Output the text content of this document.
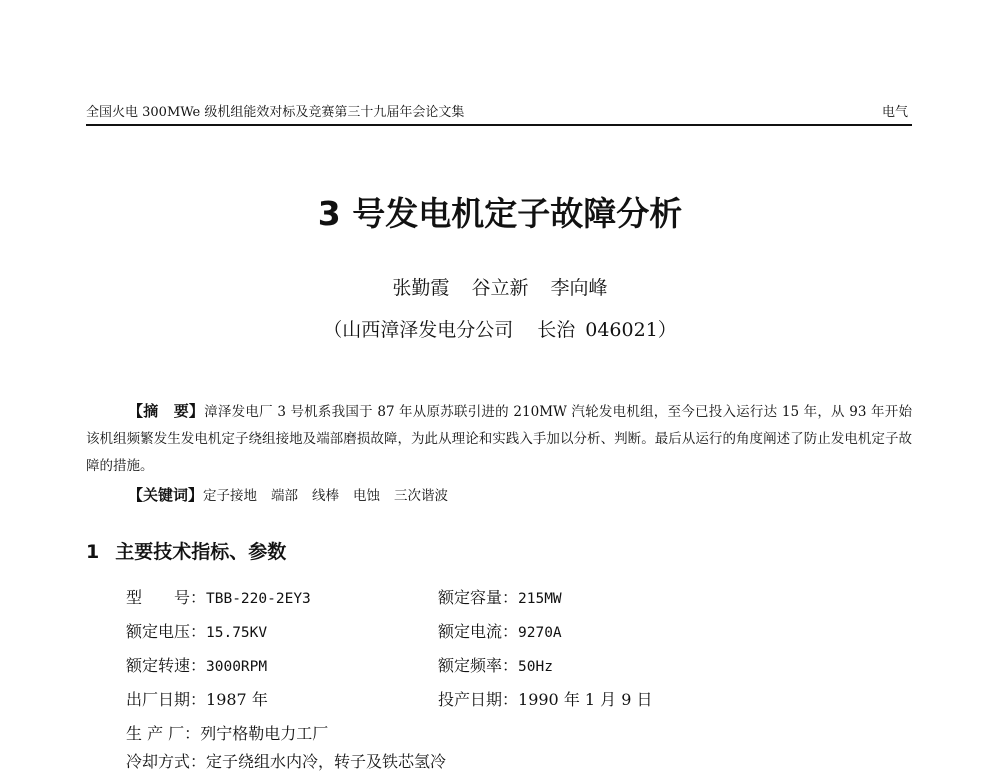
全国火电 300MWe 级机组能效对标及竞赛第三十九届年会论文集	电气
3 号发电机定子故障分析
张勤霞 谷立新 李向峰
（山西漳泽发电分公司 长治 046021）
【摘　要】漳泽发电厂 3 号机系我国于 87 年从原苏联引进的 210MW 汽轮发电机组，至今已投入运行达 15 年，从 93 年开始该机组频繁发生发电机定子绕组接地及端部磨损故障，为此从理论和实践入手加以分析、判断。最后从运行的角度阐述了防止发电机定子故障的措施。
【关键词】定子接地 端部 线棒 电蚀 三次谐波
1 主要技术指标、参数
型　　号：TBB-220-2EY3	额定容量：215MW
额定电压：15.75KV	额定电流：9270A
额定转速：3000RPM	额定频率：50Hz
出厂日期：1987 年	投产日期：1990 年 1 月 9 日
生 产 厂：列宁格勒电力工厂
冷却方式：定子绕组水内冷，转子及铁芯氢冷
